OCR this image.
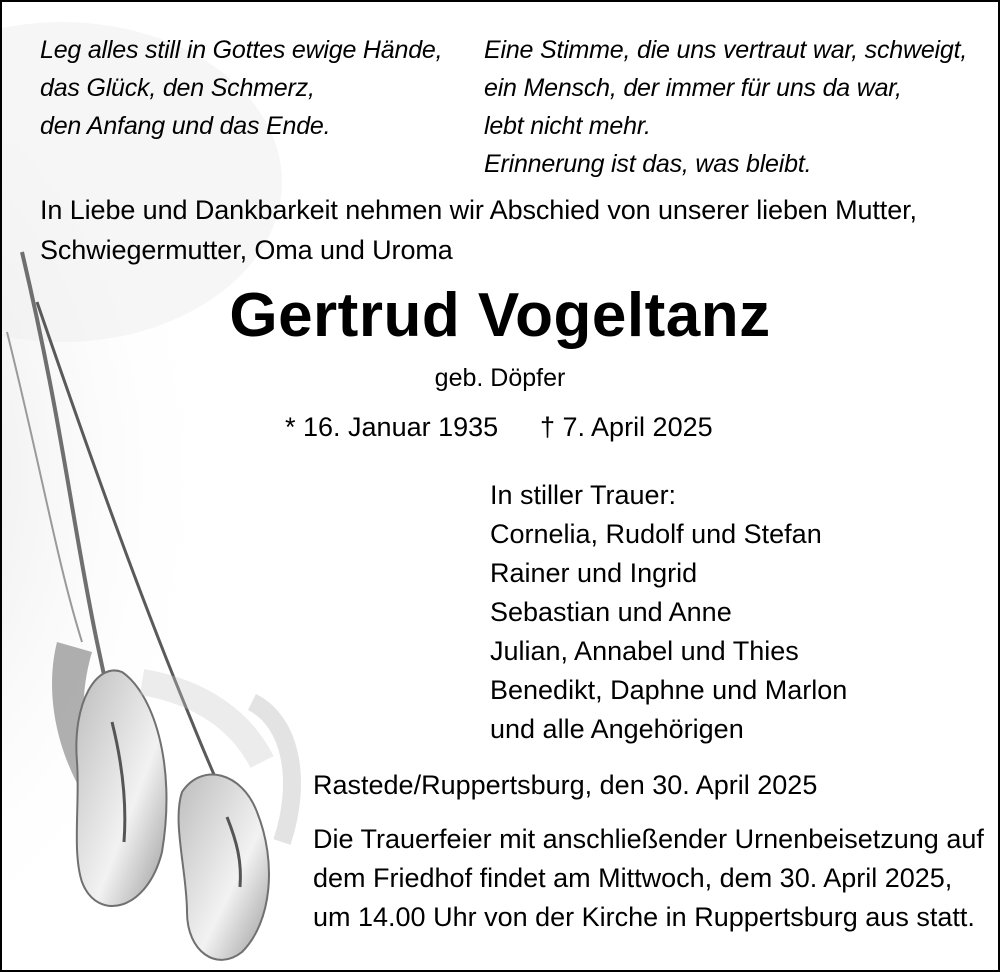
Leg alles still in Gottes ewige Hände,
das Glück, den Schmerz,
den Anfang und das Ende.
Eine Stimme, die uns vertraut war, schweigt,
ein Mensch, der immer für uns da war,
lebt nicht mehr.
Erinnerung ist das, was bleibt.
In Liebe und Dankbarkeit nehmen wir Abschied von unserer lieben Mutter,
Schwiegermutter, Oma und Uroma
Gertrud Vogeltanz
geb. Döpfer
* 16. Januar 1935 † 7. April 2025
In stiller Trauer:
Cornelia, Rudolf und Stefan
Rainer und Ingrid
Sebastian und Anne
Julian, Annabel und Thies
Benedikt, Daphne und Marlon
und alle Angehörigen
Rastede/Ruppertsburg, den 30. April 2025
Die Trauerfeier mit anschließender Urnenbeisetzung auf
dem Friedhof findet am Mittwoch, dem 30. April 2025,
um 14.00 Uhr von der Kirche in Ruppertsburg aus statt.
